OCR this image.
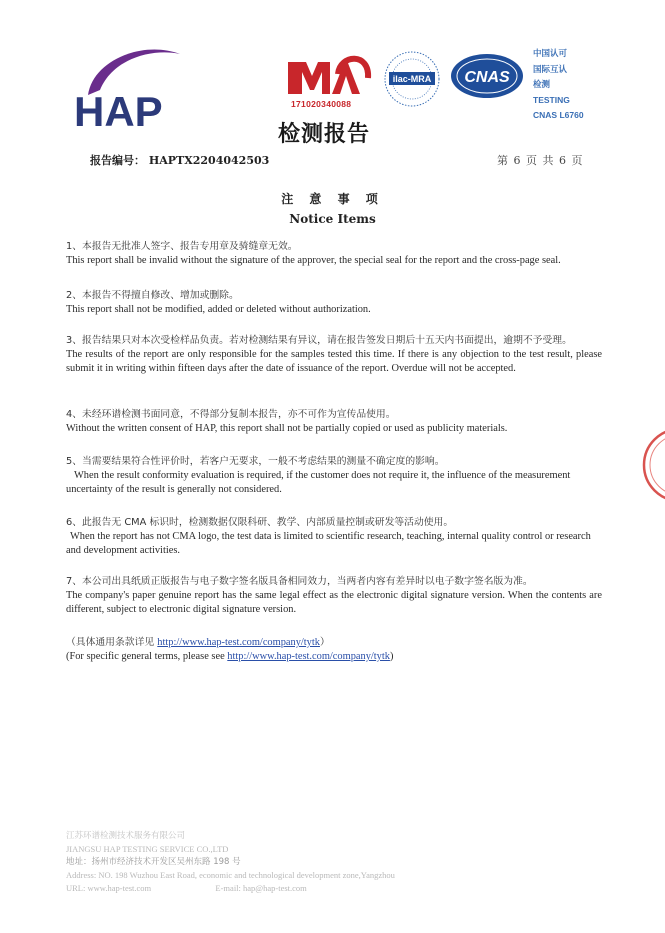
HAP	171020340088
ilac-MRA CNAS
中国认可
国际互认
检测
TESTING
CNAS L6760
检测报告
报告编号： HAPTX2204042503	第 6 页 共 6 页
注 意 事 项
Notice Items
1、本报告无批准人签字、报告专用章及骑缝章无效。
This report shall be invalid without the signature of the approver, the special seal for the report and the cross-page seal.
2、本报告不得擅自修改、增加或删除。
This report shall not be modified, added or deleted without authorization.
3、报告结果只对本次受检样品负责。若对检测结果有异议，请在报告签发日期后十五天内书面提出，逾期不予受理。
The results of the report are only responsible for the samples tested this time. If there is any objection to the test result, please submit it in writing within fifteen days after the date of issuance of the report. Overdue will not be accepted.
4、未经环谱检测书面同意，不得部分复制本报告，亦不可作为宣传品使用。
Without the written consent of HAP, this report shall not be partially copied or used as publicity materials.
5、当需要结果符合性评价时，若客户无要求，一般不考虑结果的测量不确定度的影响。
When the result conformity evaluation is required, if the customer does not require it, the influence of the measurement uncertainty of the result is generally not considered.
6、此报告无 CMA 标识时，检测数据仅限科研、教学、内部质量控制或研发等活动使用。
When the report has not CMA logo, the test data is limited to scientific research, teaching, internal quality control or research and development activities.
7、本公司出具纸质正版报告与电子数字签名版具备相同效力，当两者内容有差异时以电子数字签名版为准。
The company's paper genuine report has the same legal effect as the electronic digital signature version. When the contents are different, subject to electronic digital signature version.
（具体通用条款详见 http://www.hap-test.com/company/tytk）
(For specific general terms, please see http://www.hap-test.com/company/tytk)
江苏环谱检测技术服务有限公司
JIANGSU HAP TESTING SERVICE CO.,LTD
地址：扬州市经济技术开发区吴州东路 198 号
Address: NO. 198 Wuzhou East Road, economic and technological development zone,Yangzhou
URL: www.hap-test.com	E-mail: hap@hap-test.com
